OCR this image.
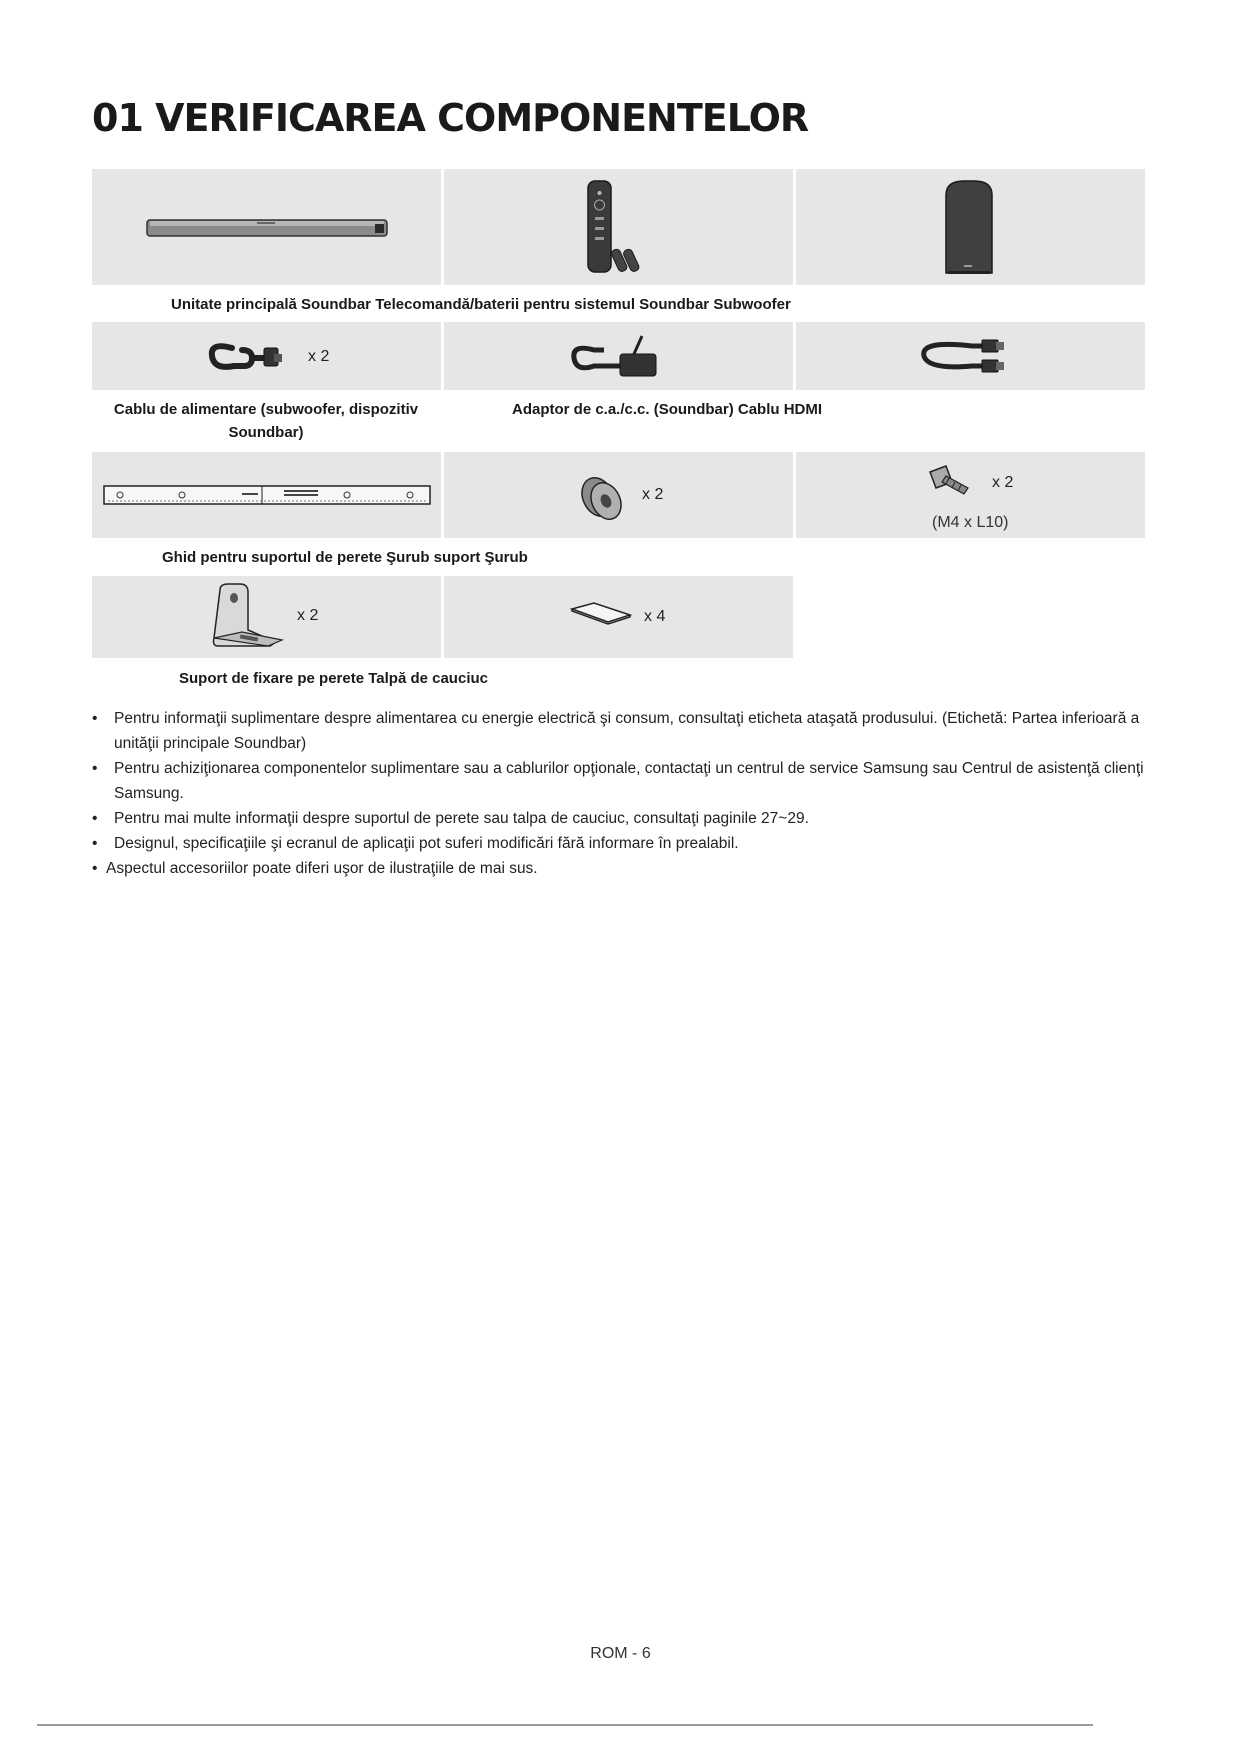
01 VERIFICAREA COMPONENTELOR
Unitate principală Soundbar Telecomandă/baterii pentru sistemul Soundbar Subwoofer
x 2
Cablu de alimentare (subwoofer, dispozitiv Soundbar)
Adaptor de c.a./c.c. (Soundbar) Cablu HDMI
x 2
x 2
(M4 x L10)
Ghid pentru suportul de perete Şurub suport Şurub
x 2	x 4
Suport de fixare pe perete Talpă de cauciuc
• Pentru informaţii suplimentare despre alimentarea cu energie electrică şi consum, consultaţi eticheta ataşată produsului. (Etichetă: Partea inferioară a unităţii principale Soundbar)
• Pentru achiziţionarea componentelor suplimentare sau a cablurilor opţionale, contactaţi un centrul de service Samsung sau Centrul de asistenţă clienţi Samsung.
• Pentru mai multe informaţii despre suportul de perete sau talpa de cauciuc, consultaţi paginile 27~29.
• Designul, specificaţiile şi ecranul de aplicaţii pot suferi modificări fără informare în prealabil.
• Aspectul accesoriilor poate diferi uşor de ilustraţiile de mai sus.
ROM - 6
